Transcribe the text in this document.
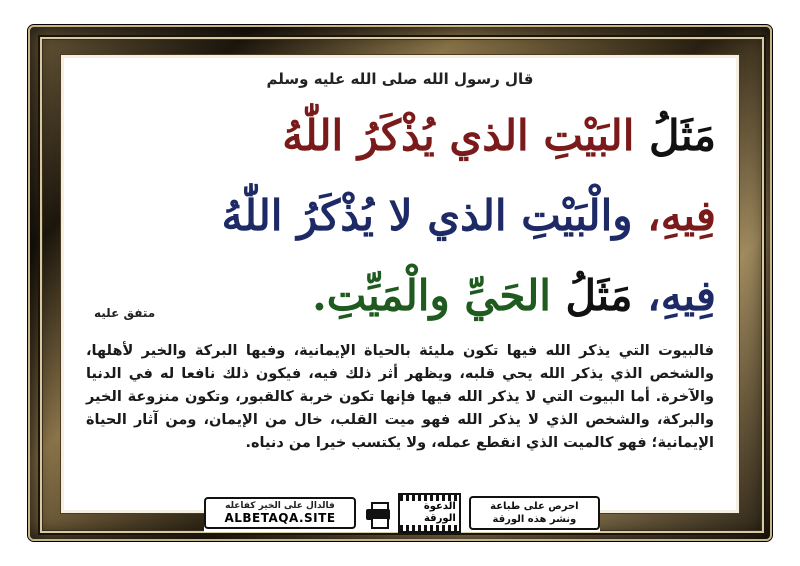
قال رسول الله صلى الله عليه وسلم
مَثَلُ البَيْتِ الذي يُذْكَرُ اللّٰهُ
فِيهِ، والْبَيْتِ الذي لا يُذْكَرُ اللّٰهُ
فِيهِ، مَثَلُ الحَيِّ والْمَيِّتِ.
متفق عليه
فالبيوت التي يذكر الله فيها تكون مليئة بالحياة الإيمانية، وفيها البركة والخير لأهلها، والشخص الذي يذكر الله يحي قلبه، ويظهر أثر ذلك فيه، فيكون ذلك نافعا له في الدنيا والآخرة. أما البيوت التي لا يذكر الله فيها فإنها تكون خربة كالقبور، وتكون منزوعة الخير والبركة، والشخص الذي لا يذكر الله فهو ميت القلب، خال من الإيمان، ومن آثار الحياة الإيمانية؛ فهو كالميت الذي انقطع عمله، ولا يكتسب خيرا من دنياه.
فالدال على الخير كفاعله
ALBETAQA.SITE
الدعوة الورقة
احرص على طباعة ونشر هذه الورقة
